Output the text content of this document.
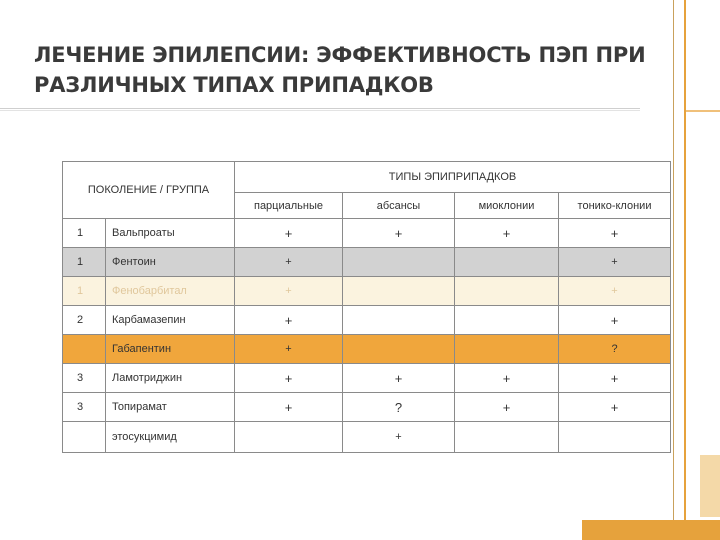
ЛЕЧЕНИЕ ЭПИЛЕПСИИ: ЭФФЕКТИВНОСТЬ ПЭП ПРИ
РАЗЛИЧНЫХ ТИПАХ ПРИПАДКОВ
ПОКОЛЕНИЕ / ГРУППА		ТИПЫ ЭПИПРИПАДКОВ			
		парциальные	абсансы	миоклонии	тонико-клонии
1	Вальпроаты	+	+	+	+
1	Фентоин	+			+
1	Фенобарбитал	+			+
2	Карбамазепин	+			+
	Габапентин	+			?
3	Ламотриджин	+	+	+	+
3	Топирамат	+	?	+	+
	этосукцимид		+		
